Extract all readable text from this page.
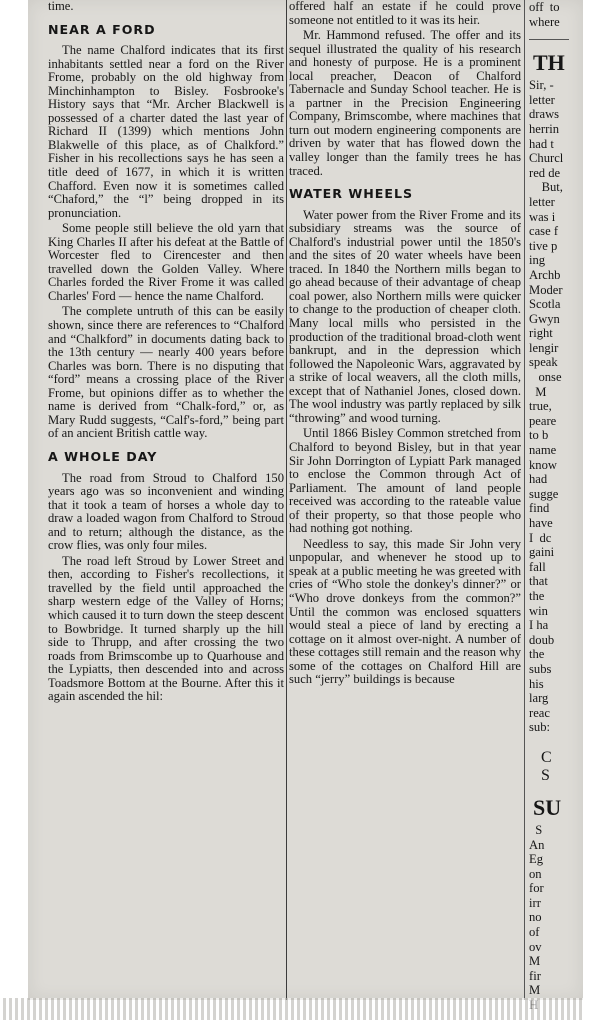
time.

NEAR A FORD

The name Chalford indicates that its first inhabitants settled near a ford on the River Frome, probably on the old highway from Minchinhampton to Bisley. Fosbrooke's History says that “Mr. Archer Blackwell is possessed of a charter dated the last year of Richard II (1399) which mentions John Blakwelle of this place, as of Chalkford.” Fisher in his recollections says he has seen a title deed of 1677, in which it is written Chafford. Even now it is sometimes called “Chaford,” the “l” being dropped in its pronunciation.

Some people still believe the old yarn that King Charles II after his defeat at the Battle of Worcester fled to Cirencester and then travelled down the Golden Valley. Where Charles forded the River Frome it was called Charles' Ford — hence the name Chalford.

The complete untruth of this can be easily shown, since there are references to “Chalford and “Chalkford” in documents dating back to the 13th century — nearly 400 years before Charles was born. There is no disputing that “ford” means a crossing place of the River Frome, but opinions differ as to whether the name is derived from “Chalk-ford,” or, as Mary Rudd suggests, “Calf's-ford,” being part of an ancient British cattle way.

A WHOLE DAY

The road from Stroud to Chalford 150 years ago was so inconvenient and winding that it took a team of horses a whole day to draw a loaded wagon from Chalford to Stroud and to return; although the distance, as the crow flies, was only four miles.

The road left Stroud by Lower Street and then, according to Fisher's recollections, it travelled by the field until approached the sharp western edge of the Valley of Horns; which caused it to turn down the steep descent to Bowbridge. It turned sharply up the hill side to Thrupp, and after crossing the two roads from Brimscombe up to Quarhouse and the Lypiatts, then descended into and across Toadsmore Bottom at the Bourne. After this it again ascended the hil:

offered half an estate if he could prove someone not entitled to it was its heir.

Mr. Hammond refused. The offer and its sequel illustrated the quality of his research and honesty of purpose. He is a prominent local preacher, Deacon of Chalford Tabernacle and Sunday School teacher. He is a partner in the Precision Engineering Company, Brimscombe, where machines that turn out modern engineering components are driven by water that has flowed down the valley longer than the family trees he has traced.

WATER WHEELS

Water power from the River Frome and its subsidiary streams was the source of Chalford's industrial power until the 1850's and the sites of 20 water wheels have been traced. In 1840 the Northern mills began to go ahead because of their advantage of cheap coal power, also Northern mills were quicker to change to the production of cheaper cloth. Many local mills who persisted in the production of the traditional broad-cloth went bankrupt, and in the depression which followed the Napoleonic Wars, aggravated by a strike of local weavers, all the cloth mills, except that of Nathaniel Jones, closed down. The wool industry was partly replaced by silk “throwing” and wood turning.

Until 1866 Bisley Common stretched from Chalford to beyond Bisley, but in that year Sir John Dorrington of Lypiatt Park managed to enclose the Common through Act of Parliament. The amount of land people received was according to the rateable value of their property, so that those people who had nothing got nothing.

Needless to say, this made Sir John very unpopular, and whenever he stood up to speak at a public meeting he was greeted with cries of “Who stole the donkey's dinner?” or “Who drove donkeys from the common?” Until the common was enclosed squatters would steal a piece of land by erecting a cottage on it almost over-night. A number of these cottages still remain and the reason why some of the cottages on Chalford Hill are such “jerry” buildings is because

off  to
where
TH
Sir, -
letter
draws
herrin
had t
Churcl
red de
But,
letter
was i
case f
tive p
ing
Archb
Moder
Scotla
Gwyn
right
lengir
speak
onse
M
true,
peare
to b
name
know
had
sugge
find
have
I  dc
gaini
fall
that
the
win
I ha
doub
the
subs
his
larg
reac
sub:
C
S
SU
S
An
Eg
on
for
irr
no
of
ov
M
fir
M
